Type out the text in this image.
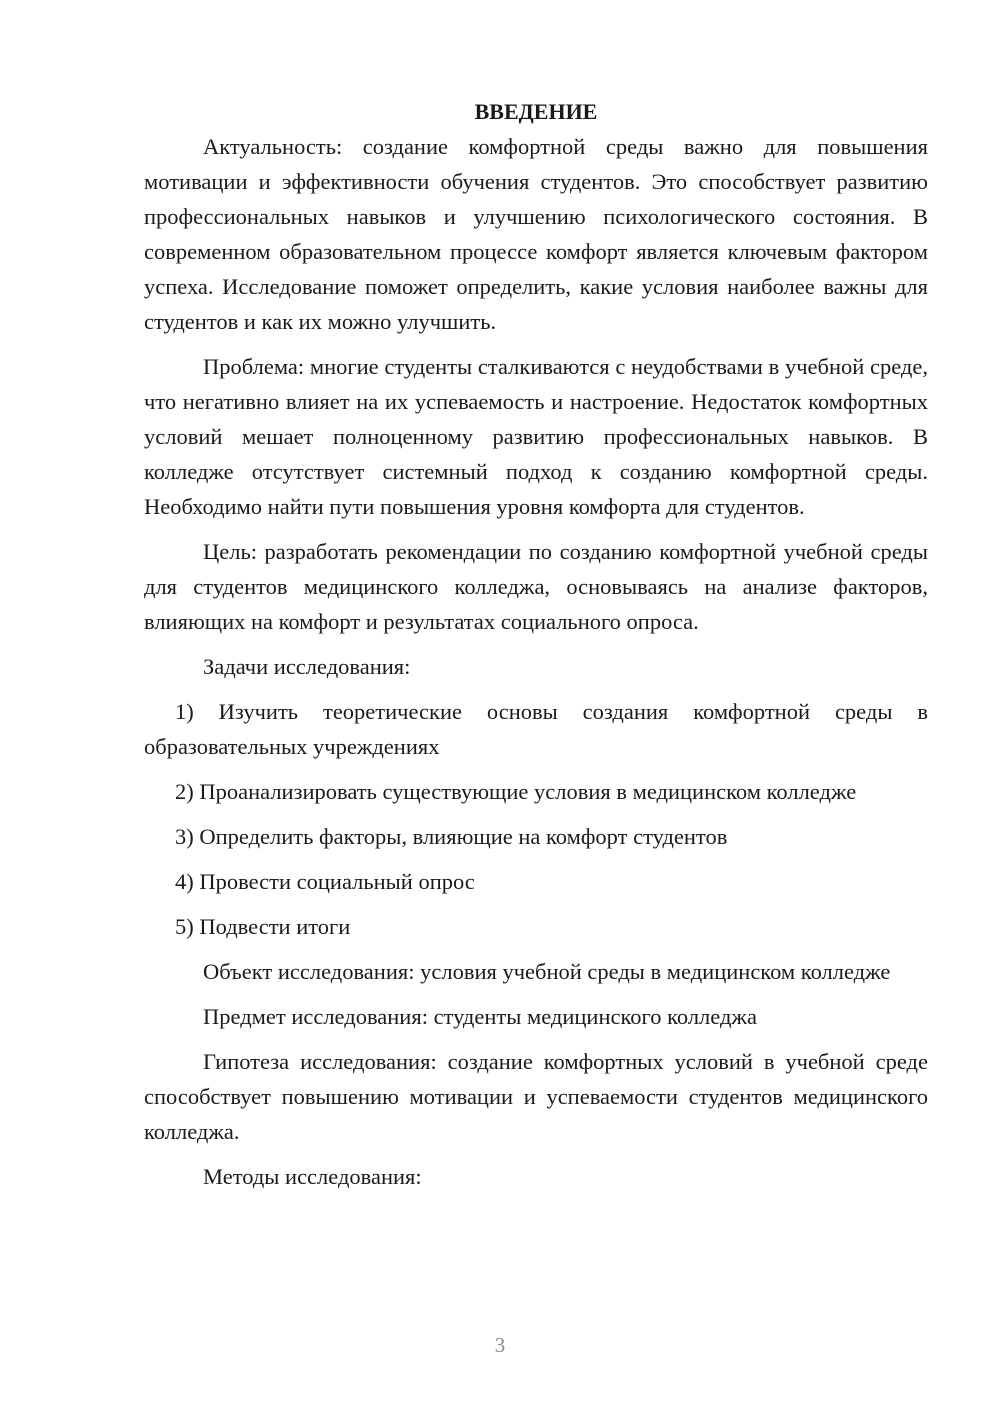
ВВЕДЕНИЕ

Актуальность: создание комфортной среды важно для повышения мотивации и эффективности обучения студентов. Это способствует развитию профессиональных навыков и улучшению психологического состояния. В современном образовательном процессе комфорт является ключевым фактором успеха. Исследование поможет определить, какие условия наиболее важны для студентов и как их можно улучшить.

Проблема: многие студенты сталкиваются с неудобствами в учебной среде, что негативно влияет на их успеваемость и настроение. Недостаток комфортных условий мешает полноценному развитию профессиональных навыков. В колледже отсутствует системный подход к созданию комфортной среды. Необходимо найти пути повышения уровня комфорта для студентов.

Цель: разработать рекомендации по созданию комфортной учебной среды для студентов медицинского колледжа, основываясь на анализе факторов, влияющих на комфорт и результатах социального опроса.

Задачи исследования:

1) Изучить теоретические основы создания комфортной среды в образовательных учреждениях

2) Проанализировать существующие условия в медицинском колледже

3) Определить факторы, влияющие на комфорт студентов

4) Провести социальный опрос

5) Подвести итоги

Объект исследования: условия учебной среды в медицинском колледже

Предмет исследования: студенты медицинского колледжа

Гипотеза исследования: создание комфортных условий в учебной среде способствует повышению мотивации и успеваемости студентов медицинского колледжа.

Методы исследования:

3
